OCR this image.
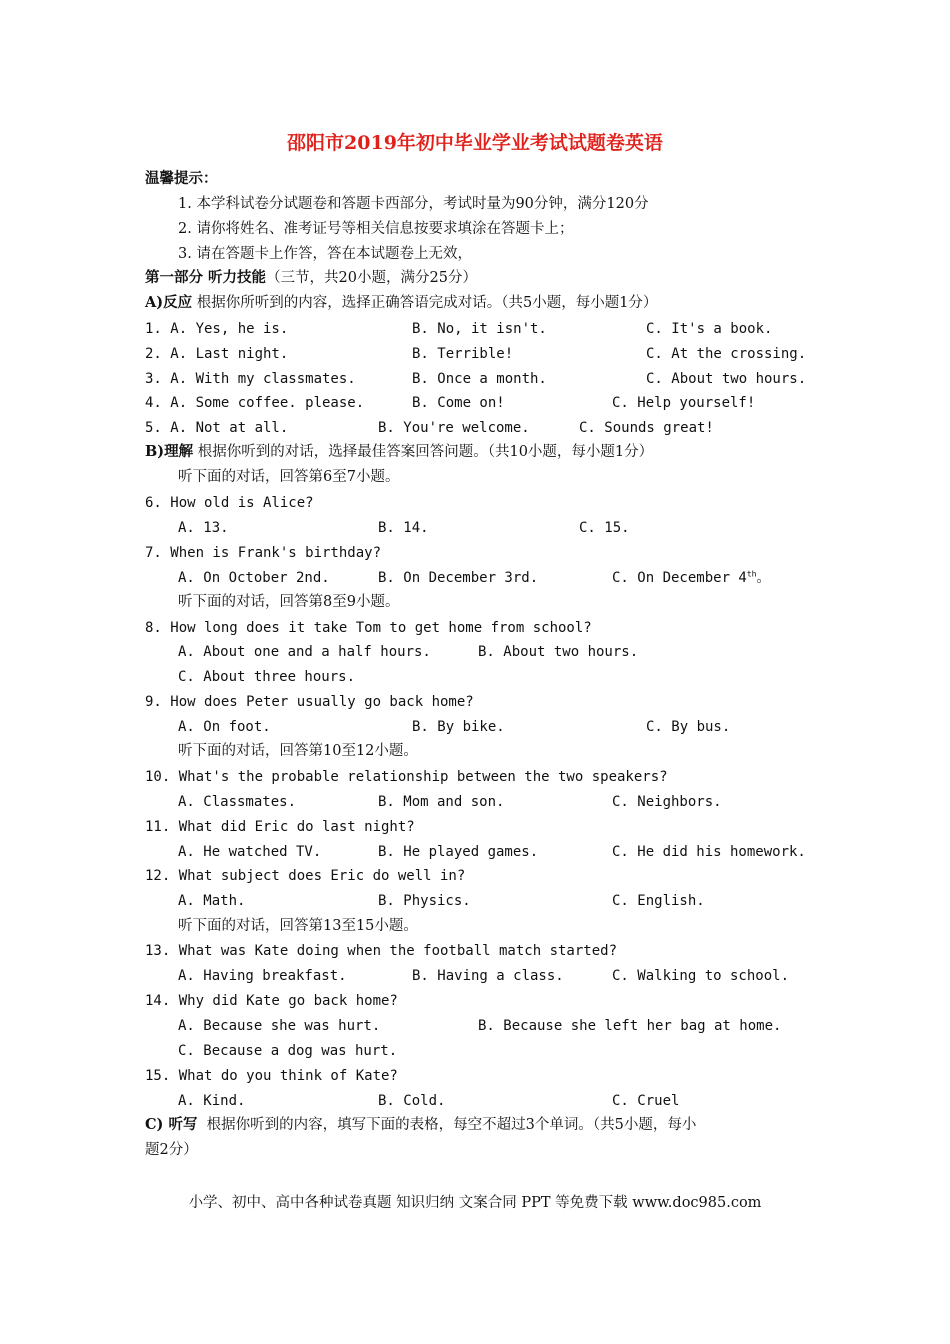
邵阳市2019年初中毕业学业考试试题卷英语
温馨提示：
1. 本学科试卷分试题卷和答题卡西部分，考试时量为90分钟，满分120分
2. 请你将姓名、准考证号等相关信息按要求填涂在答题卡上；
3. 请在答题卡上作答，答在本试题卷上无效，
第一部分 听力技能（三节，共20小题，满分25分）
A)反应 根据你所听到的内容，选择正确答语完成对话。（共5小题，每小题1分）
1. A. Yes, he is.	B. No, it isn't.	C. It's a book.
2. A. Last night.	B. Terrible!	C. At the crossing.
3. A. With my classmates.	B. Once a month.	C. About two hours.
4. A. Some coffee. please.	B. Come on!	C. Help yourself!
5. A. Not at all.	B. You're welcome.	C. Sounds great!
B)理解 根据你听到的对话，选择最佳答案回答问题。（共10小题，每小题1分）
听下面的对话，回答第6至7小题。
6. How old is Alice?
A. 13.	B. 14.	C. 15.
7. When is Frank's birthday?
A. On October 2nd.	B. On December 3rd.	C. On December 4th。
听下面的对话，回答第8至9小题。
8. How long does it take Tom to get home from school?
A. About one and a half hours.	B. About two hours.
C. About three hours.
9. How does Peter usually go back home?
A. On foot.	B. By bike.	C. By bus.
听下面的对话，回答第10至12小题。
10. What's the probable relationship between the two speakers?
A. Classmates.	B. Mom and son.	C. Neighbors.
11. What did Eric do last night?
A. He watched TV.	B. He played games.	C. He did his homework.
12. What subject does Eric do well in?
A. Math.	B. Physics.	C. English.
听下面的对话，回答第13至15小题。
13. What was Kate doing when the football match started?
A. Having breakfast.	B. Having a class.	C. Walking to school.
14. Why did Kate go back home?
A. Because she was hurt.	B. Because she left her bag at home.
C. Because a dog was hurt.
15. What do you think of Kate?
A. Kind.	B. Cold.	C. Cruel
C) 听写  根据你听到的内容，填写下面的表格，每空不超过3个单词。（共5小题，每小
题2分）
小学、初中、高中各种试卷真题 知识归纳 文案合同 PPT 等免费下载 www.doc985.com
